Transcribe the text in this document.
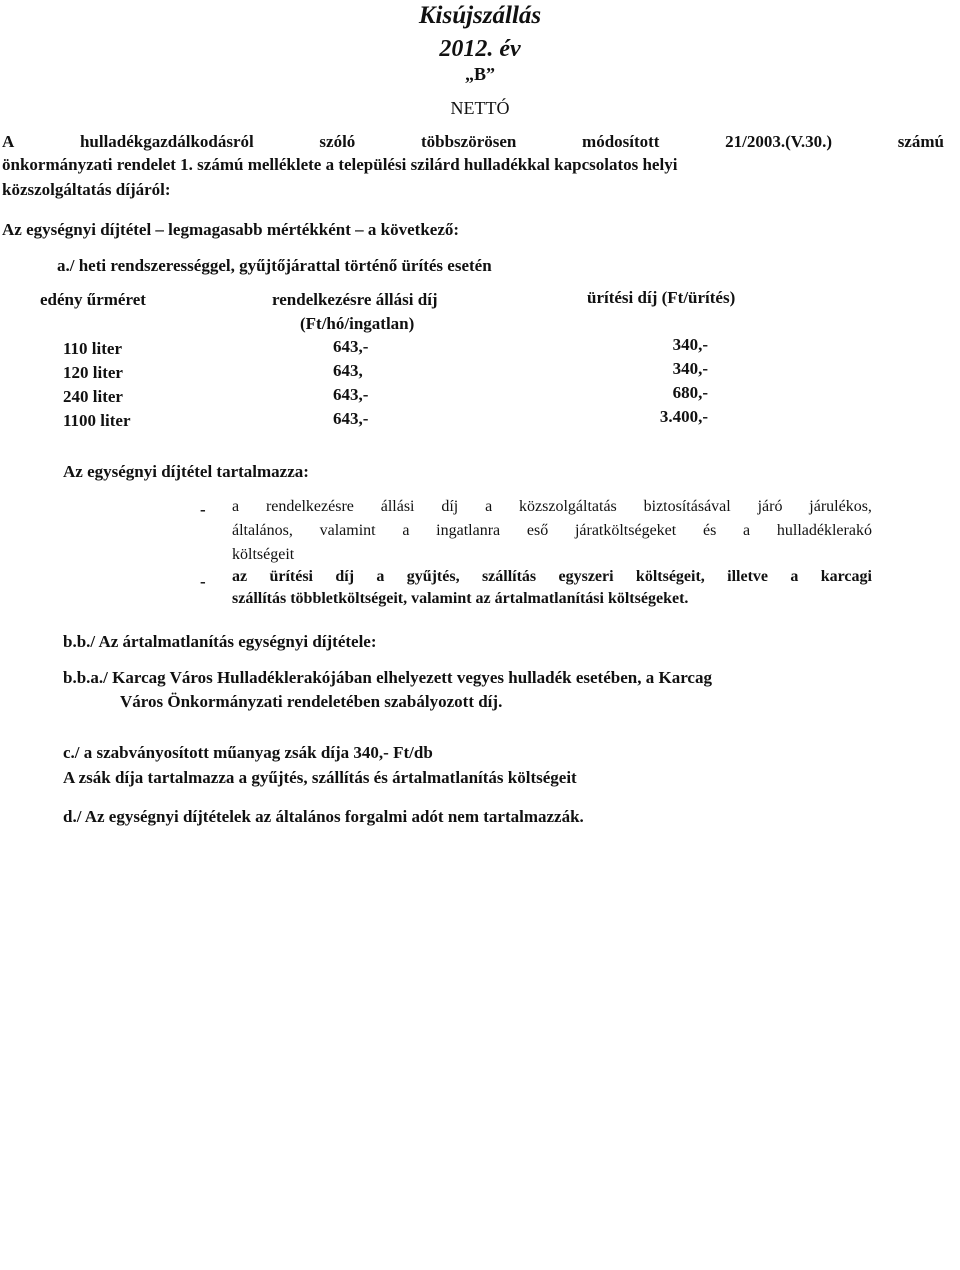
Kisújszállás
2012. év
„B”
NETTÓ
A	hulladékgazdálkodásról	szóló	többszörösen	módosított	21/2003.(V.30.)	számú
önkormányzati rendelet 1. számú melléklete a települési szilárd hulladékkal kapcsolatos helyi
közszolgáltatás díjáról:
Az egységnyi díjtétel – legmagasabb mértékként – a következő:
a./ heti rendszerességgel, gyűjtőjárattal történő ürítés esetén
edény űrméret	rendelkezésre állási díj
(Ft/hó/ingatlan)
ürítési díj (Ft/ürítés)
110 liter	643,-	340,-
120 liter	643,	340,-
240 liter	643,-	680,-
1100 liter	643,-	3.400,-
Az egységnyi díjtétel tartalmazza:
- a rendelkezésre állási díj a közszolgáltatás biztosításával járó járulékos,
általános, valamint a ingatlanra eső járatköltségeket és a hulladéklerakó
költségeit
- az ürítési díj a gyűjtés, szállítás egyszeri költségeit, illetve a karcagi
szállítás többletköltségeit, valamint az ártalmatlanítási költségeket.
b.b./ Az ártalmatlanítás egységnyi díjtétele:
b.b.a./ Karcag Város Hulladéklerakójában elhelyezett vegyes hulladék esetében, a Karcag
Város Önkormányzati rendeletében szabályozott díj.
c./ a szabványosított műanyag zsák díja 340,- Ft/db
A zsák díja tartalmazza a gyűjtés, szállítás és ártalmatlanítás költségeit
d./ Az egységnyi díjtételek az általános forgalmi adót nem tartalmazzák.
